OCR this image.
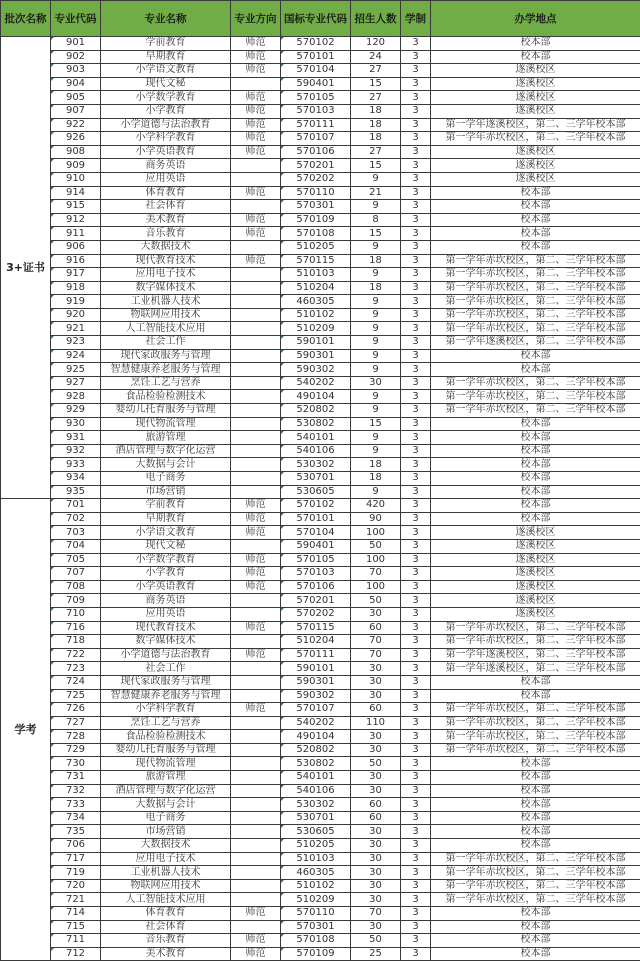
批次名称	专业代码	专业名称	专业方向	国标专业代码	招生人数	学制	办学地点
3+证书	901	学前教育	师范	570102	120	3	校本部
	902	早期教育	师范	570101	24	3	校本部
	903	小学语文教育	师范	570104	27	3	遂溪校区
	904	现代文秘		590401	15	3	遂溪校区
	905	小学数学教育	师范	570105	27	3	遂溪校区
	907	小学教育	师范	570103	18	3	遂溪校区
	922	小学道德与法治教育	师范	570111	18	3	第一学年遂溪校区，第二、三学年校本部
	926	小学科学教育	师范	570107	18	3	第一学年赤坎校区，第二、三学年校本部
	908	小学英语教育	师范	570106	27	3	遂溪校区
	909	商务英语		570201	15	3	遂溪校区
	910	应用英语		570202	9	3	遂溪校区
	914	体育教育	师范	570110	21	3	校本部
	915	社会体育		570301	9	3	校本部
	912	美术教育	师范	570109	8	3	校本部
	911	音乐教育	师范	570108	15	3	校本部
	906	大数据技术		510205	9	3	校本部
	916	现代教育技术	师范	570115	18	3	第一学年赤坎校区，第二、三学年校本部
	917	应用电子技术		510103	9	3	第一学年赤坎校区，第二、三学年校本部
	918	数字媒体技术		510204	18	3	第一学年赤坎校区，第二、三学年校本部
	919	工业机器人技术		460305	9	3	第一学年赤坎校区，第二、三学年校本部
	920	物联网应用技术		510102	9	3	第一学年赤坎校区，第二、三学年校本部
	921	人工智能技术应用		510209	9	3	第一学年赤坎校区，第二、三学年校本部
	923	社会工作		590101	9	3	第一学年遂溪校区，第二、三学年校本部
	924	现代家政服务与管理		590301	9	3	校本部
	925	智慧健康养老服务与管理		590302	9	3	校本部
	927	烹饪工艺与营养		540202	30	3	第一学年赤坎校区，第二、三学年校本部
	928	食品检验检测技术		490104	9	3	第一学年赤坎校区，第二、三学年校本部
	929	婴幼儿托育服务与管理		520802	9	3	第一学年赤坎校区，第二、三学年校本部
	930	现代物流管理		530802	15	3	校本部
	931	旅游管理		540101	9	3	校本部
	932	酒店管理与数字化运营		540106	9	3	校本部
	933	大数据与会计		530302	18	3	校本部
	934	电子商务		530701	18	3	校本部
	935	市场营销		530605	9	3	校本部
学考	701	学前教育	师范	570102	420	3	校本部
	702	早期教育	师范	570101	90	3	校本部
	703	小学语文教育	师范	570104	100	3	遂溪校区
	704	现代文秘		590401	50	3	遂溪校区
	705	小学数学教育	师范	570105	100	3	遂溪校区
	707	小学教育	师范	570103	70	3	遂溪校区
	708	小学英语教育	师范	570106	100	3	遂溪校区
	709	商务英语		570201	50	3	遂溪校区
	710	应用英语		570202	30	3	遂溪校区
	716	现代教育技术	师范	570115	60	3	第一学年赤坎校区，第二、三学年校本部
	718	数字媒体技术		510204	70	3	第一学年赤坎校区，第二、三学年校本部
	722	小学道德与法治教育	师范	570111	70	3	第一学年遂溪校区，第二、三学年校本部
	723	社会工作		590101	30	3	第一学年遂溪校区，第二、三学年校本部
	724	现代家政服务与管理		590301	30	3	校本部
	725	智慧健康养老服务与管理		590302	30	3	校本部
	726	小学科学教育	师范	570107	60	3	第一学年赤坎校区，第二、三学年校本部
	727	烹饪工艺与营养		540202	110	3	第一学年赤坎校区，第二、三学年校本部
	728	食品检验检测技术		490104	30	3	第一学年赤坎校区，第二、三学年校本部
	729	婴幼儿托育服务与管理		520802	30	3	第一学年赤坎校区，第二、三学年校本部
	730	现代物流管理		530802	50	3	校本部
	731	旅游管理		540101	30	3	校本部
	732	酒店管理与数字化运营		540106	30	3	校本部
	733	大数据与会计		530302	60	3	校本部
	734	电子商务		530701	60	3	校本部
	735	市场营销		530605	30	3	校本部
	706	大数据技术		510205	30	3	校本部
	717	应用电子技术		510103	30	3	第一学年赤坎校区，第二、三学年校本部
	719	工业机器人技术		460305	30	3	第一学年赤坎校区，第二、三学年校本部
	720	物联网应用技术		510102	30	3	第一学年赤坎校区，第二、三学年校本部
	721	人工智能技术应用		510209	30	3	第一学年赤坎校区，第二、三学年校本部
	714	体育教育	师范	570110	70	3	校本部
	715	社会体育		570301	30	3	校本部
	711	音乐教育	师范	570108	50	3	校本部
	712	美术教育	师范	570109	25	3	校本部
